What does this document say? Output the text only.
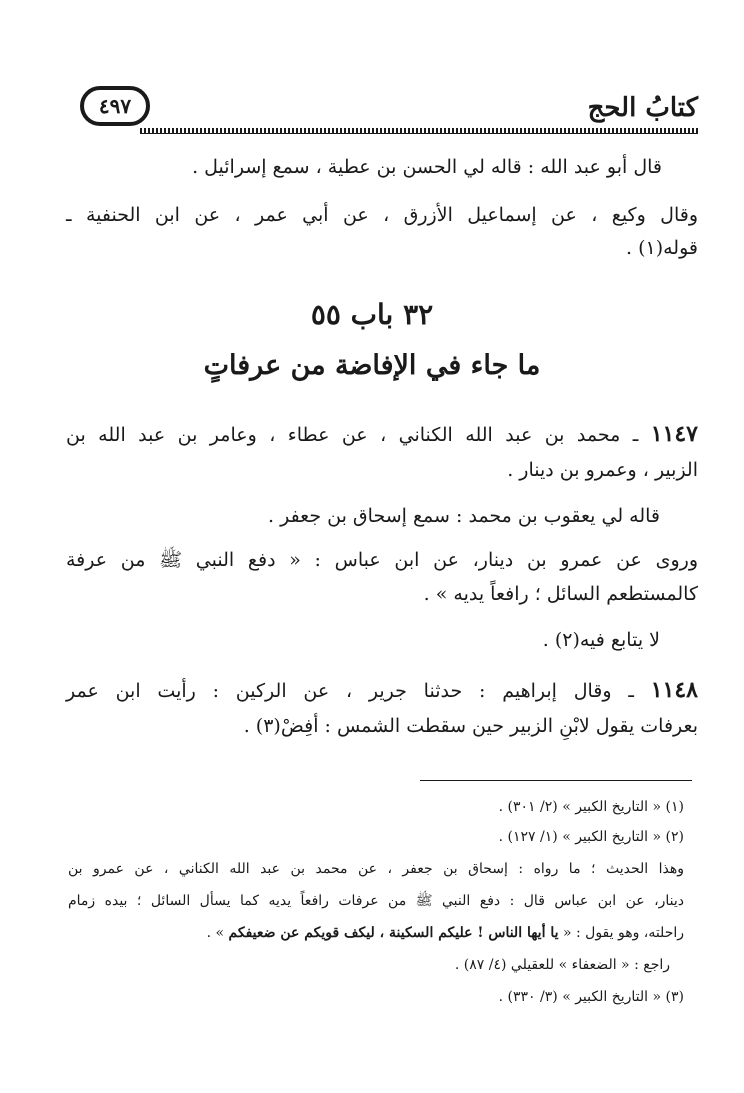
كتابُ الحج
٤٩٧
قال أبو عبد الله : قاله لي الحسن بن عطية ، سمع إسرائيل .
وقال وكيع ، عن إسماعيل الأزرق ، عن أبي عمر ، عن ابن الحنفية ـ
قوله(١) .
٣٢ باب ٥٥
ما جاء في الإفاضة من عرفاتٍ
١١٤٧ ـ محمد بن عبد الله الكناني ، عن عطاء ، وعامر بن عبد الله بن
الزبير ، وعمرو بن دينار .
قاله لي يعقوب بن محمد : سمع إسحاق بن جعفر .
وروى عن عمرو بن دينار، عن ابن عباس : « دفع النبي ﷺ من عرفة
كالمستطعم السائل ؛ رافعاً يديه » .
لا يتابع فيه(٢) .
١١٤٨ ـ وقال إبراهيم : حدثنا جرير ، عن الركين : رأيت ابن عمر
بعرفات يقول لابْنِ الزبير حين سقطت الشمس : أفِضْ(٣) .
(١) « التاريخ الكبير » (٢/ ٣٠١) .
(٢) « التاريخ الكبير » (١/ ١٢٧) .
وهذا الحديث ؛ ما رواه : إسحاق بن جعفر ، عن محمد بن عبد الله الكناني ، عن عمرو بن
دينار، عن ابن عباس قال : دفع النبي ﷺ من عرفات رافعاً يديه كما يسأل السائل ؛ بيده زمام
راحلته، وهو يقول : « يا أيها الناس ! عليكم السكينة ، ليكف قويكم عن ضعيفكم » .
راجع : « الضعفاء » للعقيلي (٤/ ٨٧) .
(٣) « التاريخ الكبير » (٣/ ٣٣٠) .
